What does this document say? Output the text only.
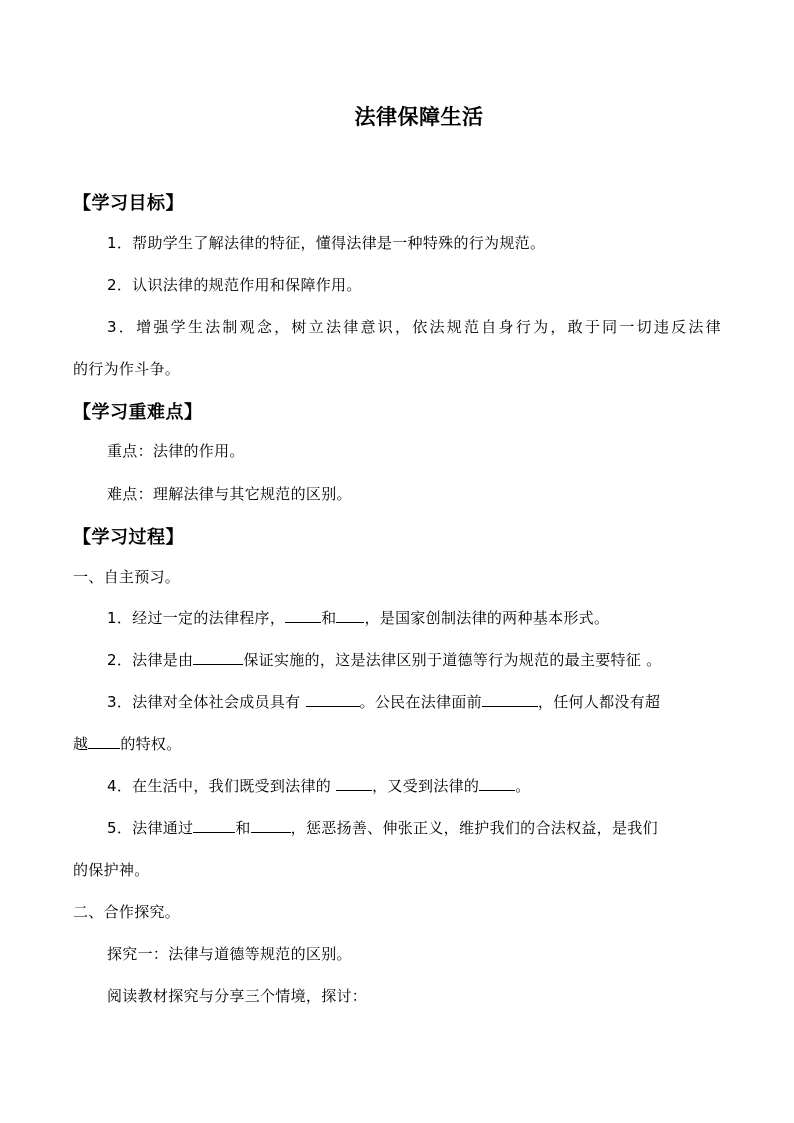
法律保障生活
【学习目标】
1．帮助学生了解法律的特征，懂得法律是一种特殊的行为规范。
2．认识法律的规范作用和保障作用。
3．增强学生法制观念，树立法律意识，依法规范自身行为，敢于同一切违反法律
的行为作斗争。
【学习重难点】
重点：法律的作用。
难点：理解法律与其它规范的区别。
【学习过程】
一、自主预习。
1．经过一定的法律程序， 和 ，是国家创制法律的两种基本形式。
2．法律是由	保证实施的，这是法律区别于道德等行为规范的最主要特征 。
3．法律对全体社会成员具有	。公民在法律面前	，任何人都没有超
越 的特权。
4．在生活中，我们既受到法律的 ，又受到法律的 。
5．法律通过	和	，惩恶扬善、伸张正义，维护我们的合法权益，是我们
的保护神。
二、合作探究。
探究一：法律与道德等规范的区别。
阅读教材探究与分享三个情境，探讨：
